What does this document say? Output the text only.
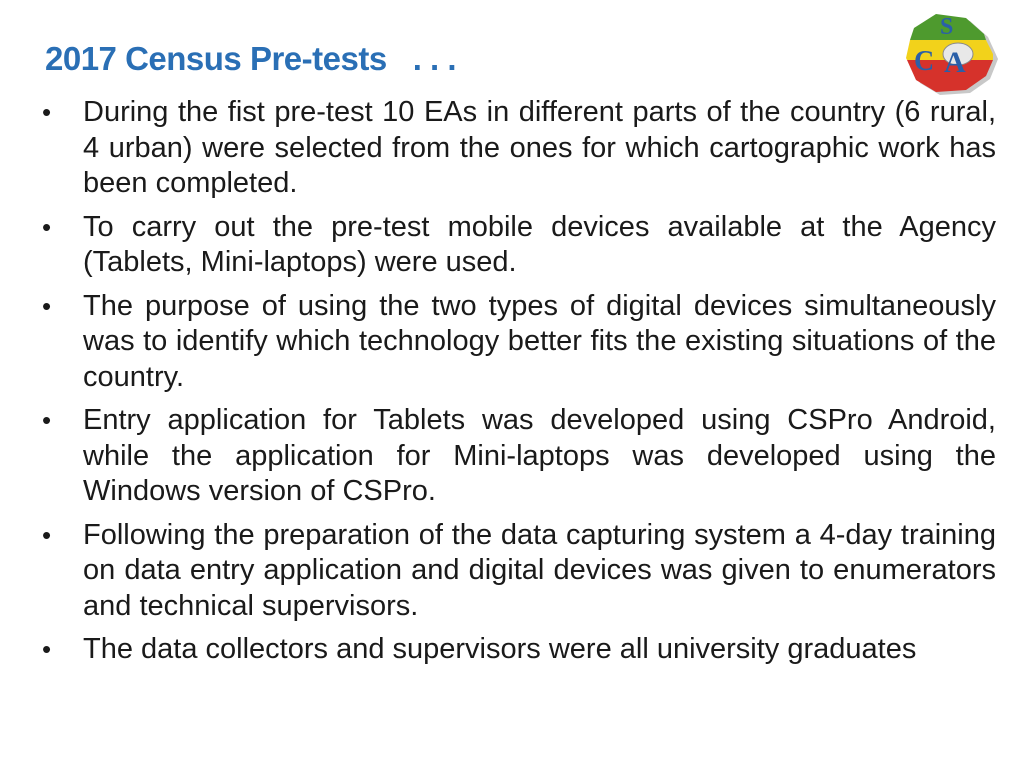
2017 Census Pre-tests   . . .
S
C A
• During the fist pre-test 10 EAs in different parts of the country (6 rural, 4 urban) were selected from the ones for which cartographic work has been completed.
• To carry out the pre-test mobile devices available at the Agency (Tablets, Mini-laptops) were used.
• The purpose of using the two types of digital devices simultaneously was to identify which technology better fits the existing situations of the country.
• Entry application for Tablets was developed using CSPro Android, while the application for Mini-laptops was developed using the Windows version of CSPro.
• Following the preparation of the data capturing system a 4-day training on data entry application and digital devices was given to enumerators and technical supervisors.
• The data collectors and supervisors were all university graduates
